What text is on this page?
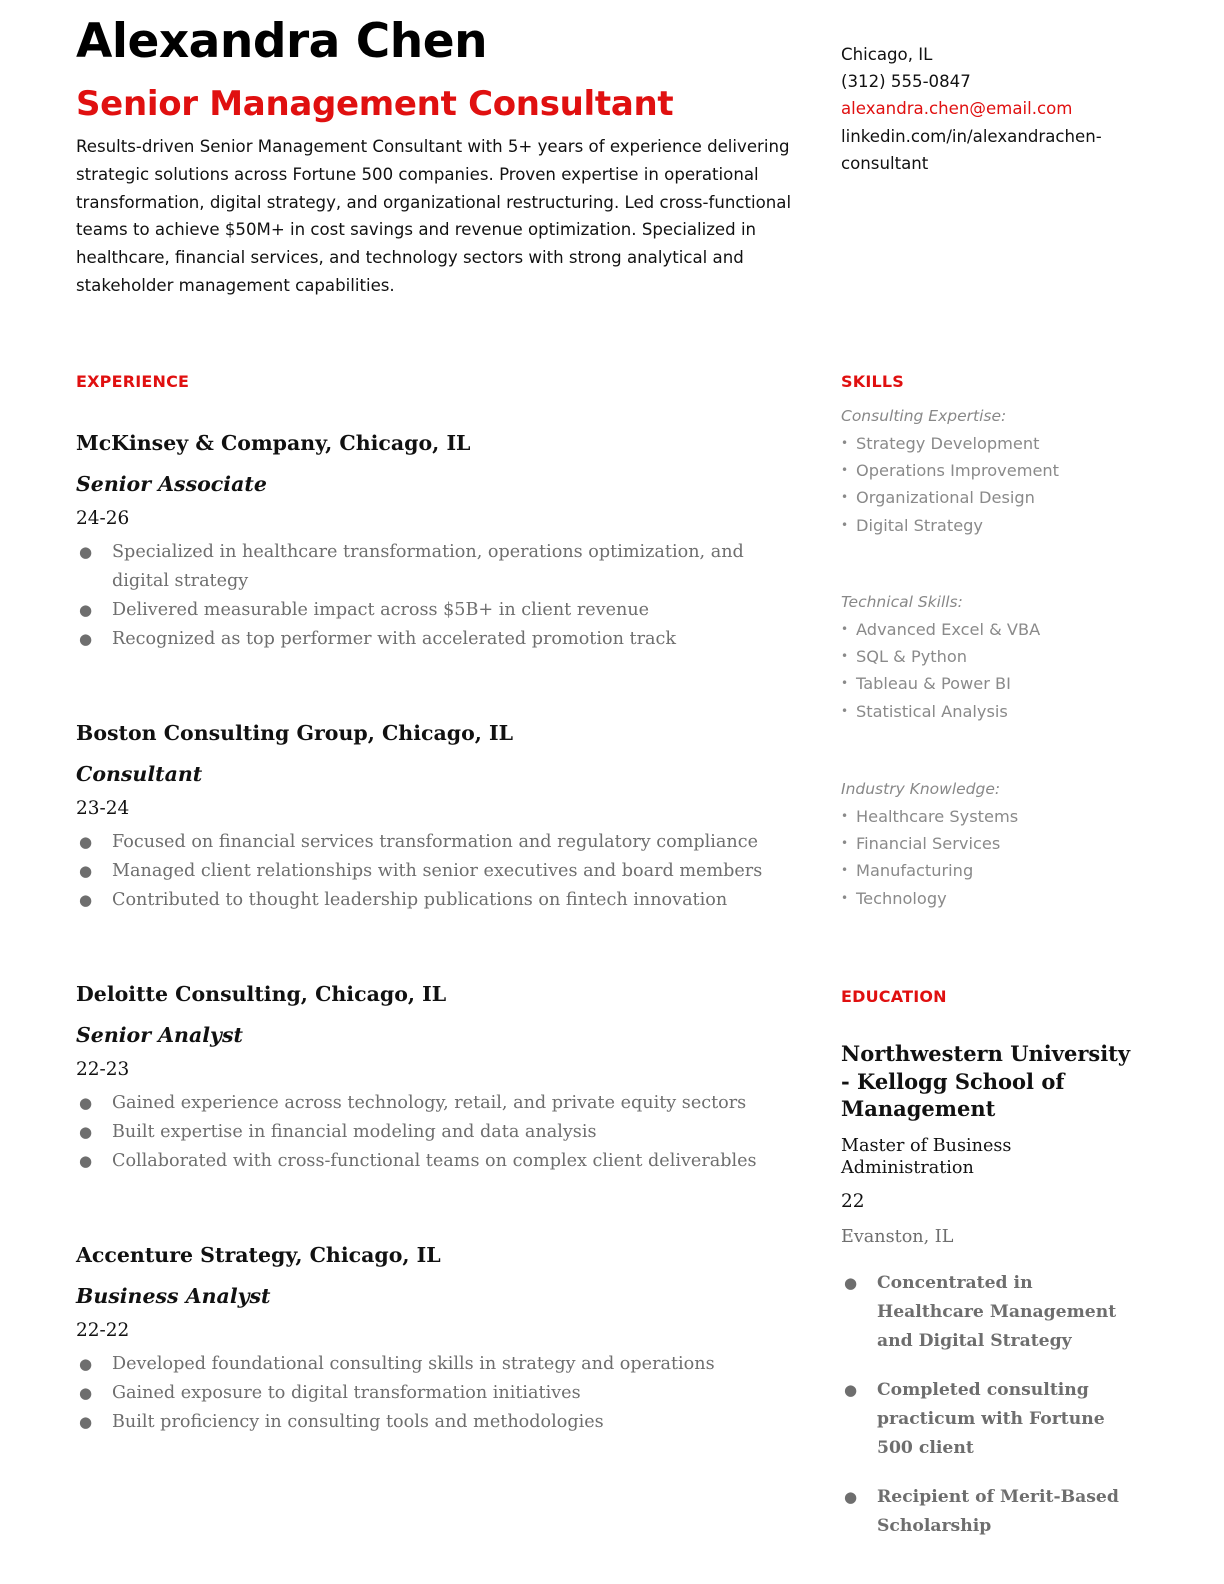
Alexandra Chen
Senior Management Consultant

Results-driven Senior Management Consultant with 5+ years of experience delivering strategic solutions across Fortune 500 companies. Proven expertise in operational transformation, digital strategy, and organizational restructuring. Led cross-functional teams to achieve $50M+ in cost savings and revenue optimization. Specialized in healthcare, financial services, and technology sectors with strong analytical and stakeholder management capabilities.

Chicago, IL
(312) 555-0847
alexandra.chen@email.com
linkedin.com/in/alexandrachen-consultant
EXPERIENCE
McKinsey & Company, Chicago, IL
Senior Associate
24-26
● Specialized in healthcare transformation, operations optimization, and digital strategy
● Delivered measurable impact across $5B+ in client revenue
● Recognized as top performer with accelerated promotion track
Boston Consulting Group, Chicago, IL
Consultant
23-24
● Focused on financial services transformation and regulatory compliance
● Managed client relationships with senior executives and board members
● Contributed to thought leadership publications on fintech innovation
Deloitte Consulting, Chicago, IL
Senior Analyst
22-23
● Gained experience across technology, retail, and private equity sectors
● Built expertise in financial modeling and data analysis
● Collaborated with cross-functional teams on complex client deliverables
Accenture Strategy, Chicago, IL
Business Analyst
22-22
● Developed foundational consulting skills in strategy and operations
● Gained exposure to digital transformation initiatives
● Built proficiency in consulting tools and methodologies
SKILLS
Consulting Expertise:
• Strategy Development
• Operations Improvement
• Organizational Design
• Digital Strategy
Technical Skills:
• Advanced Excel & VBA
• SQL & Python
• Tableau & Power BI
• Statistical Analysis
Industry Knowledge:
• Healthcare Systems
• Financial Services
• Manufacturing
• Technology
EDUCATION
Northwestern University - Kellogg School of Management
Master of Business Administration
22
Evanston, IL
● Concentrated in Healthcare Management and Digital Strategy
● Completed consulting practicum with Fortune 500 client
● Recipient of Merit-Based Scholarship
